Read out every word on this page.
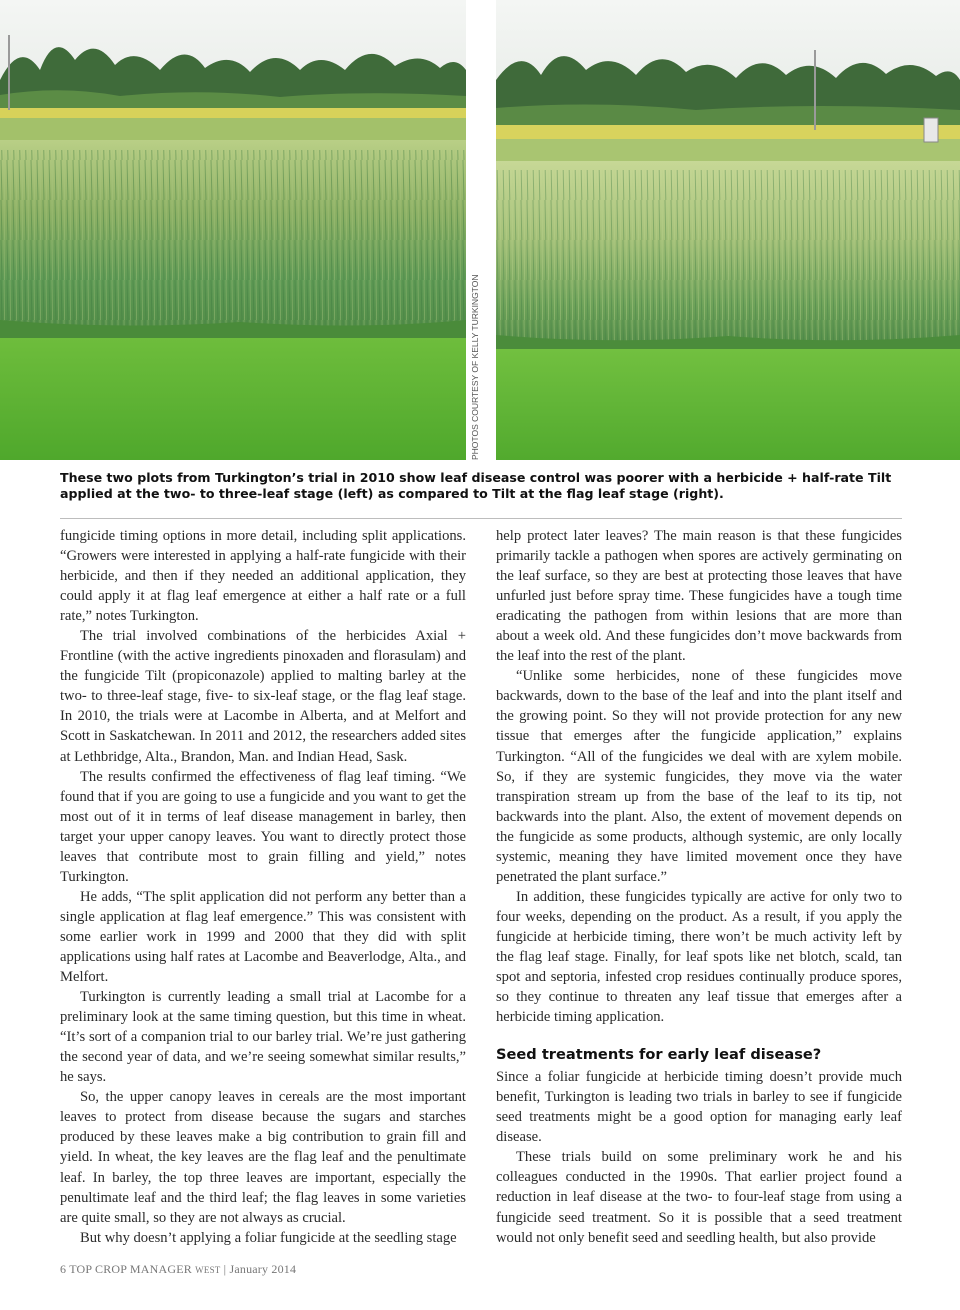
PHOTOS COURTESY OF KELLY TURKINGTON
These two plots from Turkington’s trial in 2010 show leaf disease control was poorer with a herbicide + half-rate Tilt applied at the two- to three-leaf stage (left) as compared to Tilt at the flag leaf stage (right).

fungicide timing options in more detail, including split applications. “Growers were interested in applying a half-rate fungicide with their herbicide, and then if they needed an additional application, they could apply it at flag leaf emergence at either a half rate or a full rate,” notes Turkington.

The trial involved combinations of the herbicides Axial + Frontline (with the active ingredients pinoxaden and florasulam) and the fungicide Tilt (propiconazole) applied to malting barley at the two- to three-leaf stage, five- to six-leaf stage, or the flag leaf stage. In 2010, the trials were at Lacombe in Alberta, and at Melfort and Scott in Saskatchewan. In 2011 and 2012, the researchers added sites at Lethbridge, Alta., Brandon, Man. and Indian Head, Sask.

The results confirmed the effectiveness of flag leaf timing. “We found that if you are going to use a fungicide and you want to get the most out of it in terms of leaf disease management in barley, then target your upper canopy leaves. You want to directly protect those leaves that contribute most to grain filling and yield,” notes Turkington.

He adds, “The split application did not perform any better than a single application at flag leaf emergence.” This was consistent with some earlier work in 1999 and 2000 that they did with split applications using half rates at Lacombe and Beaverlodge, Alta., and Melfort.

Turkington is currently leading a small trial at Lacombe for a preliminary look at the same timing question, but this time in wheat. “It’s sort of a companion trial to our barley trial. We’re just gathering the second year of data, and we’re seeing somewhat similar results,” he says.

So, the upper canopy leaves in cereals are the most important leaves to protect from disease because the sugars and starches produced by these leaves make a big contribution to grain fill and yield. In wheat, the key leaves are the flag leaf and the penultimate leaf. In barley, the top three leaves are important, especially the penultimate leaf and the third leaf; the flag leaves in some varieties are quite small, so they are not always as crucial.

But why doesn’t applying a foliar fungicide at the seedling stage

help protect later leaves? The main reason is that these fungicides primarily tackle a pathogen when spores are actively germinating on the leaf surface, so they are best at protecting those leaves that have unfurled just before spray time. These fungicides have a tough time eradicating the pathogen from within lesions that are more than about a week old. And these fungicides don’t move backwards from the leaf into the rest of the plant.

“Unlike some herbicides, none of these fungicides move backwards, down to the base of the leaf and into the plant itself and the growing point. So they will not provide protection for any new tissue that emerges after the fungicide application,” explains Turkington. “All of the fungicides we deal with are xylem mobile. So, if they are systemic fungicides, they move via the water transpiration stream up from the base of the leaf to its tip, not backwards into the plant. Also, the extent of movement depends on the fungicide as some products, although systemic, are only locally systemic, meaning they have limited movement once they have penetrated the plant surface.”

In addition, these fungicides typically are active for only two to four weeks, depending on the product. As a result, if you apply the fungicide at herbicide timing, there won’t be much activity left by the flag leaf stage. Finally, for leaf spots like net blotch, scald, tan spot and septoria, infested crop residues continually produce spores, so they continue to threaten any leaf tissue that emerges after a herbicide timing application.

Seed treatments for early leaf disease?

Since a foliar fungicide at herbicide timing doesn’t provide much benefit, Turkington is leading two trials in barley to see if fungicide seed treatments might be a good option for managing early leaf disease.

These trials build on some preliminary work he and his colleagues conducted in the 1990s. That earlier project found a reduction in leaf disease at the two- to four-leaf stage from using a fungicide seed treatment. So it is possible that a seed treatment would not only benefit seed and seedling health, but also provide

6 TOP CROP MANAGER WEST | January 2014
